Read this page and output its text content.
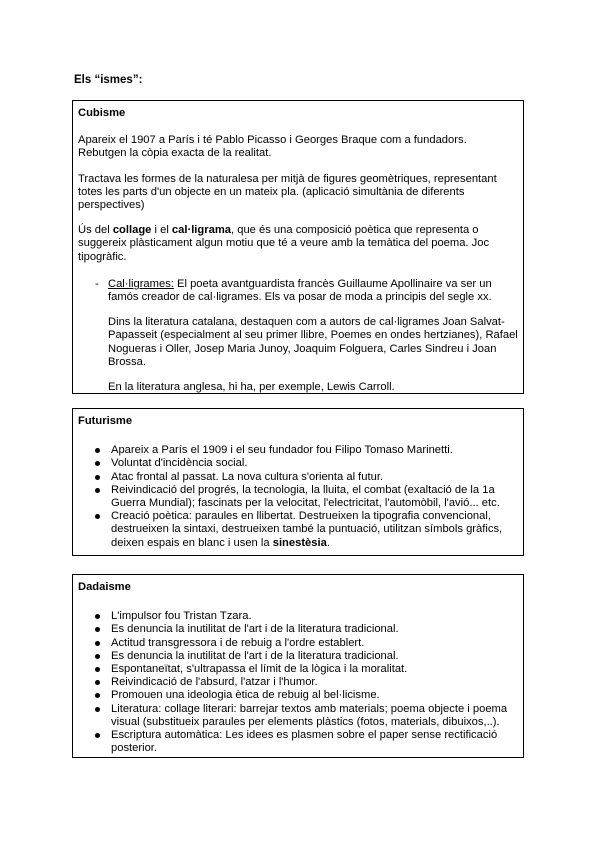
Els “ismes”:
Cubisme

Apareix el 1907 a París i té Pablo Picasso i Georges Braque com a fundadors. Rebutgen la còpia exacta de la realitat.

Tractava les formes de la naturalesa per mitjà de figures geomètriques, representant totes les parts d'un objecte en un mateix pla. (aplicació simultània de diferents perspectives)

Ús del collage i el cal·ligrama, que és una composició poètica que representa o suggereix plàsticament algun motiu que té a veure amb la temàtica del poema. Joc tipogràfic.

- Cal·ligrames: El poeta avantguardista francès Guillaume Apollinaire va ser un famós creador de cal·ligrames. Els va posar de moda a principis del segle xx.

Dins la literatura catalana, destaquen com a autors de cal·ligrames Joan Salvat-Papasseit (especialment al seu primer llibre, Poemes en ondes hertzianes), Rafael Nogueras i Oller, Josep Maria Junoy, Joaquim Folguera, Carles Sindreu i Joan Brossa.

En la literatura anglesa, hi ha, per exemple, Lewis Carroll.

Futurisme
Apareix a París el 1909 i el seu fundador fou Filipo Tomaso Marinetti.
Voluntat d'incidència social.
Atac frontal al passat. La nova cultura s'orienta al futur.
Reivindicació del progrés, la tecnologia, la lluita, el combat (exaltació de la 1a Guerra Mundial); fascinats per la velocitat, l'electricitat, l'automòbil, l'avió... etc.
Creació poètica: paraules en llibertat. Destrueixen la tipografia convencional, destrueixen la sintaxi, destrueixen també la puntuació, utilitzan símbols gràfics, deixen espais en blanc i usen la sinestèsia.
Dadaisme
L'impulsor fou Tristan Tzara.
Es denuncia la inutilitat de l'art i de la literatura tradicional.
Actitud transgressora i de rebuig a l'ordre establert.
Es denuncia la inutilitat de l'art i de la literatura tradicional.
Espontaneïtat, s'ultrapassa el límit de la lògica i la moralitat.
Reivindicació de l'absurd, l'atzar i l'humor.
Promouen una ideologia ètica de rebuig al bel·licisme.
Literatura: collage literari: barrejar textos amb materials; poema objecte i poema visual (substitueix paraules per elements plàstics (fotos, materials, dibuixos,..).
Escriptura automàtica: Les idees es plasmen sobre el paper sense rectificació posterior.
